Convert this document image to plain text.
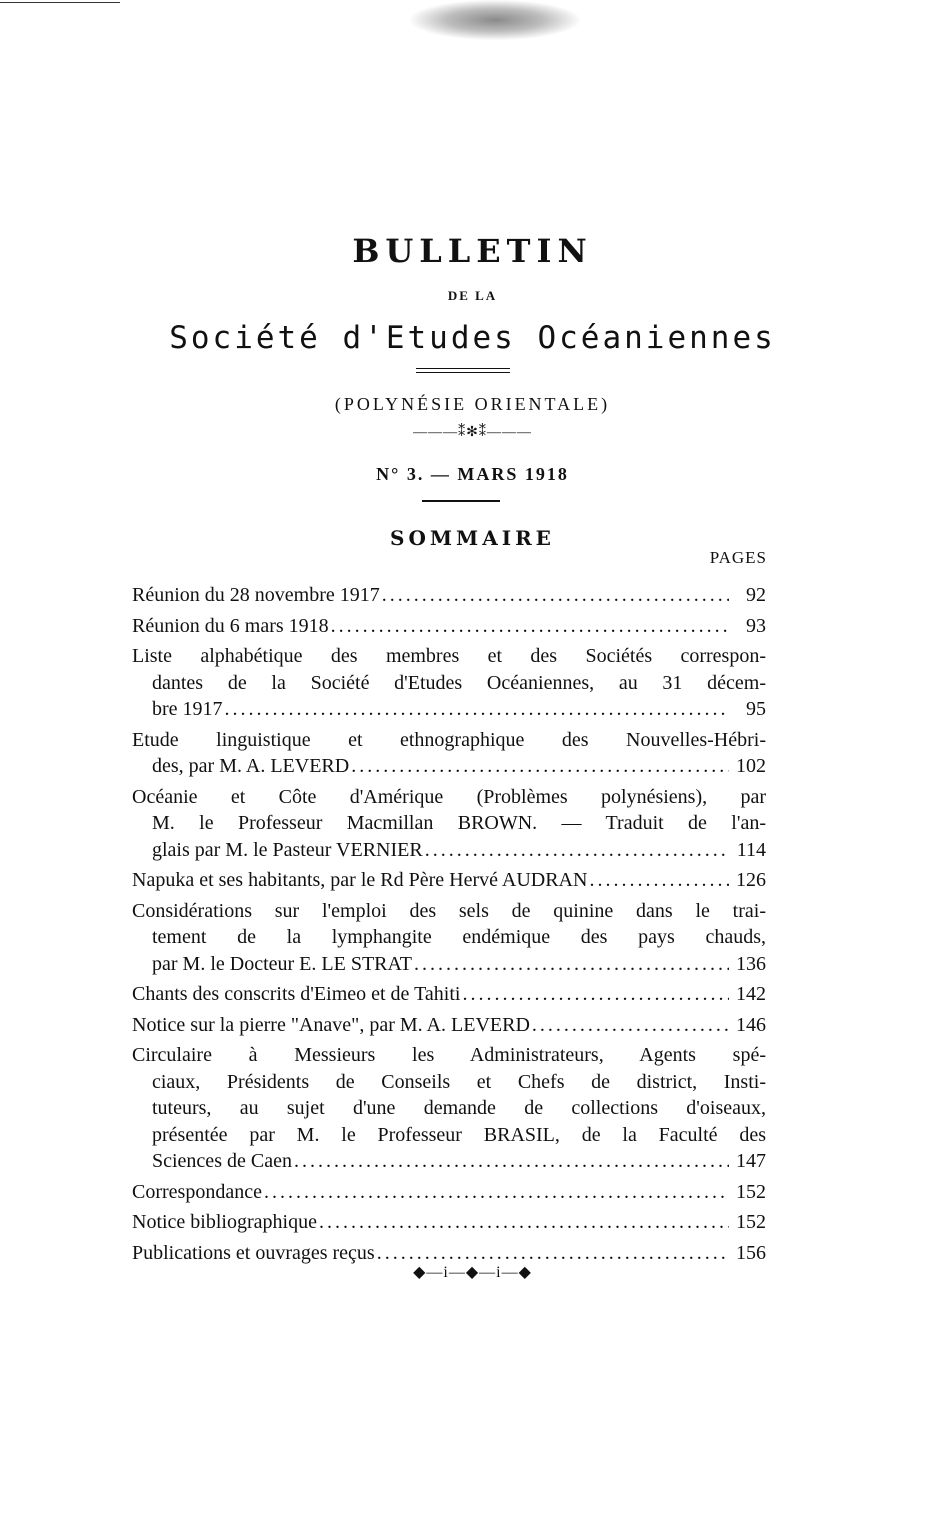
BULLETIN
DE LA
Société d'Etudes Océaniennes
(POLYNÉSIE ORIENTALE)
———⁑✻⁑———
N° 3. — MARS 1918
SOMMAIRE
PAGES
Réunion du 28 novembre 1917 . . .	92
Réunion du 6 mars 1918 . . .	93
Liste alphabétique des membres et des Sociétés correspon-
dantes de la Société d'Etudes Océaniennes, au 31 décem-
bre 1917 . . .	95
Etude linguistique et ethnographique des Nouvelles-Hébri-
des, par M. A. LEVERD . . .	102
Océanie et Côte d'Amérique (Problèmes polynésiens), par
M. le Professeur Macmillan BROWN. — Traduit de l'an-
glais par M. le Pasteur VERNIER . . .	114
Napuka et ses habitants, par le Rd Père Hervé AUDRAN . . .	126
Considérations sur l'emploi des sels de quinine dans le trai-
tement de la lymphangite endémique des pays chauds,
par M. le Docteur E. LE STRAT . . .	136
Chants des conscrits d'Eimeo et de Tahiti . . .	142
Notice sur la pierre "Anave", par M. A. LEVERD . . .	146
Circulaire à Messieurs les Administrateurs, Agents spé-
ciaux, Présidents de Conseils et Chefs de district, Insti-
tuteurs, au sujet d'une demande de collections d'oiseaux,
présentée par M. le Professeur BRASIL, de la Faculté des
Sciences de Caen . . .	147
Correspondance . . .	152
Notice bibliographique . . .	152
Publications et ouvrages reçus . . .	156
◆—i—◆—i—◆
